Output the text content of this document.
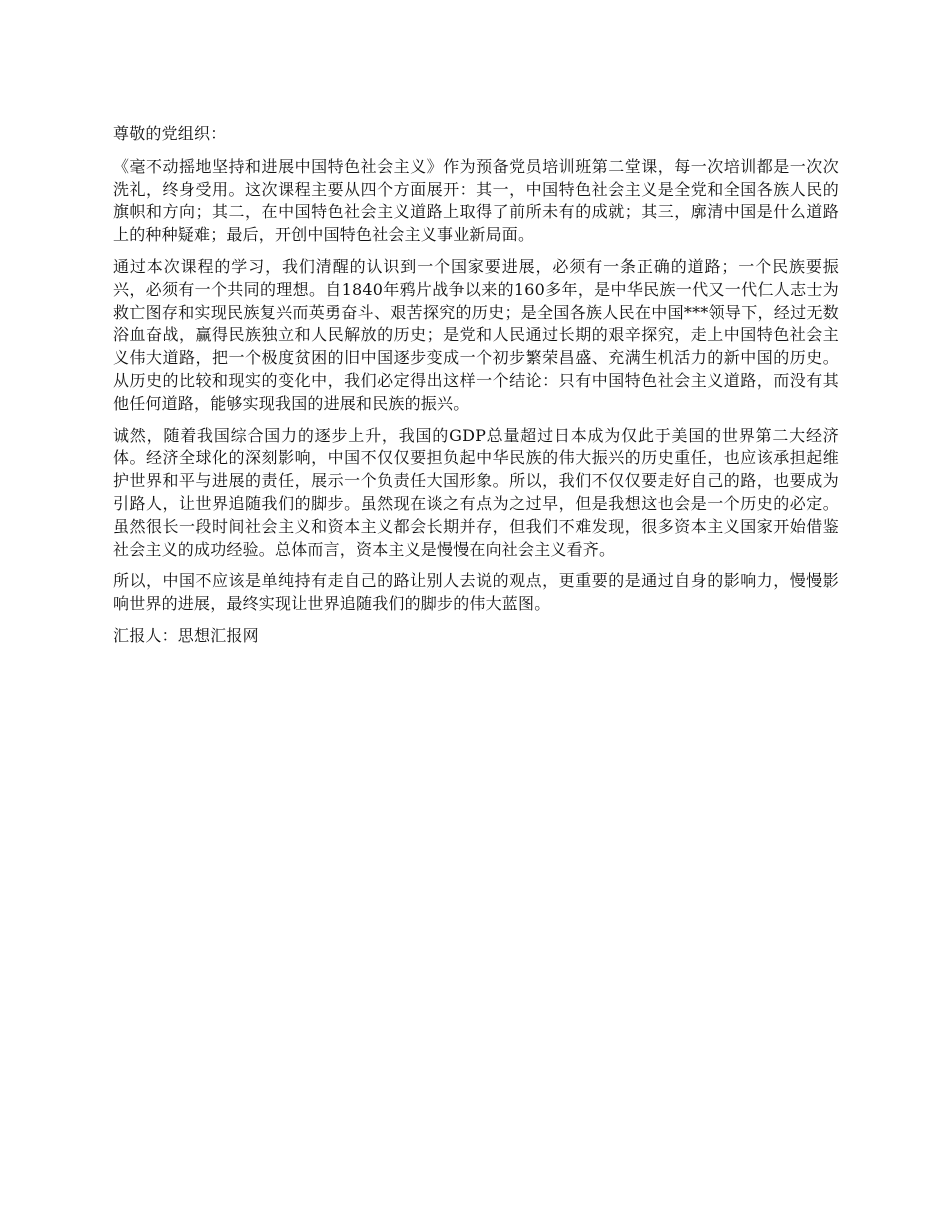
尊敬的党组织：

《毫不动摇地坚持和进展中国特色社会主义》作为预备党员培训班第二堂课，每一次培训都是一次次洗礼，终身受用。这次课程主要从四个方面展开：其一，中国特色社会主义是全党和全国各族人民的旗帜和方向；其二，在中国特色社会主义道路上取得了前所未有的成就；其三，廓清中国是什么道路上的种种疑难；最后，开创中国特色社会主义事业新局面。

通过本次课程的学习，我们清醒的认识到一个国家要进展，必须有一条正确的道路；一个民族要振兴，必须有一个共同的理想。自1840年鸦片战争以来的160多年，是中华民族一代又一代仁人志士为救亡图存和实现民族复兴而英勇奋斗、艰苦探究的历史；是全国各族人民在中国***领导下，经过无数浴血奋战，赢得民族独立和人民解放的历史；是党和人民通过长期的艰辛探究，走上中国特色社会主义伟大道路，把一个极度贫困的旧中国逐步变成一个初步繁荣昌盛、充满生机活力的新中国的历史。从历史的比较和现实的变化中，我们必定得出这样一个结论：只有中国特色社会主义道路，而没有其他任何道路，能够实现我国的进展和民族的振兴。

诚然，随着我国综合国力的逐步上升，我国的GDP总量超过日本成为仅此于美国的世界第二大经济体。经济全球化的深刻影响，中国不仅仅要担负起中华民族的伟大振兴的历史重任，也应该承担起维护世界和平与进展的责任，展示一个负责任大国形象。所以，我们不仅仅要走好自己的路，也要成为引路人，让世界追随我们的脚步。虽然现在谈之有点为之过早，但是我想这也会是一个历史的必定。虽然很长一段时间社会主义和资本主义都会长期并存，但我们不难发现，很多资本主义国家开始借鉴社会主义的成功经验。总体而言，资本主义是慢慢在向社会主义看齐。

所以，中国不应该是单纯持有走自己的路让别人去说的观点，更重要的是通过自身的影响力，慢慢影响世界的进展，最终实现让世界追随我们的脚步的伟大蓝图。

汇报人：思想汇报网
